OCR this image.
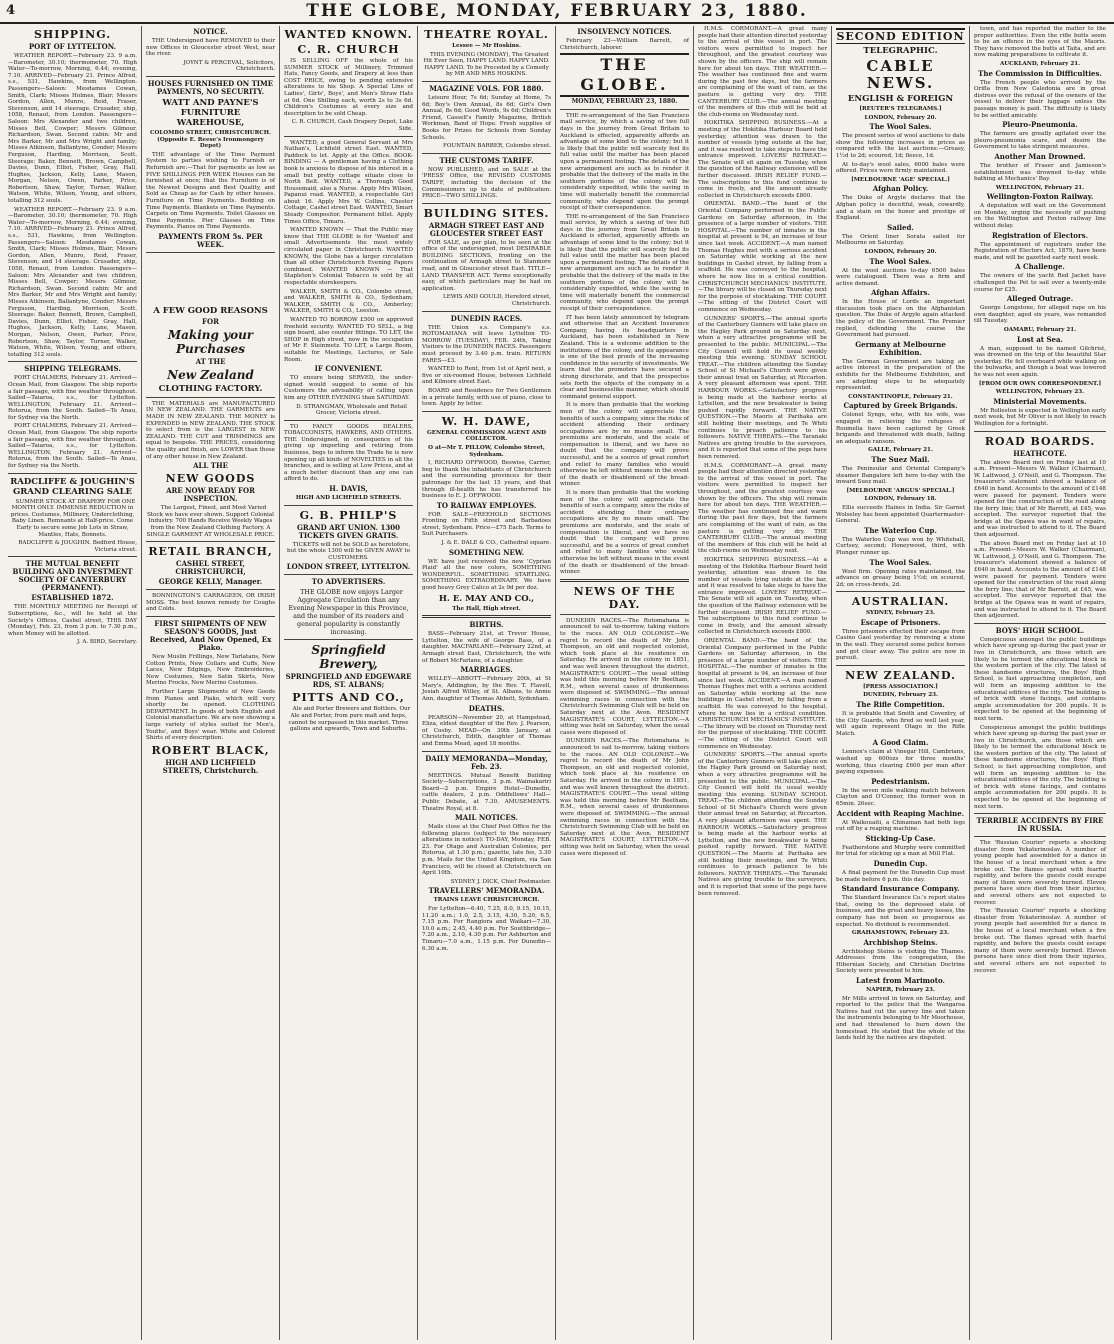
4	THE GLOBE, MONDAY, FEBRUARY 23, 1880.
SHIPPING.
PORT OF LYTTELTON.

WEATHER REPORT.—February 23. 9 a.m.—Barometer, 30.10; thermometer, 70. High Water—To-morrow, Morning, 6.44; evening, 7.10. ARRIVED—February 21. Prince Alfred, s.s., 531, Hawkins, from Wellington. Passengers—Saloon: Mesdames Cowan, Smith, Clark; Misses Holmes, Blair; Messrs Gordon, Allen, Munro, Reid, Fraser, Stevenson, and 14 steerage. Crusader, ship, 1058, Renaut, from London. Passengers—Saloon: Mrs Alexander and two children, Misses Bell, Cowper; Messrs Gilmour, Richardson, Swan. Second cabin: Mr and Mrs Barker, Mr and Mrs Wright and family; Misses Atkinson, Ballantyne, Conder; Messrs Ferguson, Harding, Morrison, Scott. Steerage: Baker, Bennett, Brown, Campbell, Davies, Dunn, Elliot, Fisher, Gray, Hall, Hughes, Jackson, Kelly, Lane, Mason, Morgan, Nelson, Owen, Parker, Price, Robertson, Shaw, Taylor, Turner, Walker, Watson, White, Wilson, Young, and others, totalling 312 souls.

WEATHER REPORT.—February 23. 9 a.m.—Barometer, 30.10; thermometer, 70. High Water—To-morrow, Morning, 6.44; evening, 7.10. ARRIVED—February 21. Prince Alfred, s.s., 531, Hawkins, from Wellington. Passengers—Saloon: Mesdames Cowan, Smith, Clark; Misses Holmes, Blair; Messrs Gordon, Allen, Munro, Reid, Fraser, Stevenson, and 14 steerage. Crusader, ship, 1058, Renaut, from London. Passengers—Saloon: Mrs Alexander and two children, Misses Bell, Cowper; Messrs Gilmour, Richardson, Swan. Second cabin: Mr and Mrs Barker, Mr and Mrs Wright and family; Misses Atkinson, Ballantyne, Conder; Messrs Ferguson, Harding, Morrison, Scott. Steerage: Baker, Bennett, Brown, Campbell, Davies, Dunn, Elliot, Fisher, Gray, Hall, Hughes, Jackson, Kelly, Lane, Mason, Morgan, Nelson, Owen, Parker, Price, Robertson, Shaw, Taylor, Turner, Walker, Watson, White, Wilson, Young, and others, totalling 312 souls.

SHIPPING TELEGRAMS.

PORT CHALMERS, February 21. Arrived—Ocean Mail, from Glasgow. The ship reports a fair passage, with fine weather throughout. Sailed—Taiaroa, s.s., for Lyttelton. WELLINGTON, February 21. Arrived—Rotorua, from the South. Sailed—Te Anau, for Sydney via the North.

PORT CHALMERS, February 21. Arrived—Ocean Mail, from Glasgow. The ship reports a fair passage, with fine weather throughout. Sailed—Taiaroa, s.s., for Lyttelton. WELLINGTON, February 21. Arrived—Rotorua, from the South. Sailed—Te Anau, for Sydney via the North.

RADCLIFFE & JOUGHIN'S GRAND CLEARING SALE

SUMMER STOCK AT DRAPERY FOR ONE MONTH ONLY. IMMENSE REDUCTION in prices. Costumes, Millinery, Underclothing, Baby Linen. Remnants at Half-price. Come Early to secure some Job Lots in Straw, Mantles, Hats, Bonnets.

RADCLIFFE & JOUGHIN. Bedford House, Victoria street.

THE MUTUAL BENEFIT BUILDING AND INVESTMENT SOCIETY OF CANTERBURY (PERMANENT).
ESTABLISHED 1872.

THE MONTHLY MEETING for Receipt of Subscriptions, &c., will be held at the Society's Offices, Cashel street, THIS DAY (Monday), Feb. 23, from 3 p.m. to 7.30 p.m., when Money will be allotted.

J. A. BIRD, Secretary.

NOTICE.

THE Undersigned have REMOVED to their new Offices in Gloucester street West, near the river.

JOYNT & PERCEVAL, Solicitors, Christchurch.

HOUSES FURNISHED ON TIME PAYMENTS, NO SECURITY.
WATT AND PAYNE'S FURNITURE WAREHOUSE,
COLOMBO STREET, CHRISTCHURCH. (Opposite E. Reese's Ironmongery Depot)

THE advantage of the Time Payment System to parties wishing to Furnish or Refurnish are:—That for payments as low as FIVE SHILLINGS PER WEEK Houses can be furnished at once; that the Furniture is of the Newest Designs and Best Quality, and Sold as Cheap as for Cash by other houses. Furniture on Time Payments. Bedding on Time Payments. Blankets on Time Payments. Carpets on Time Payments. Toilet Glasses on Time Payments. Pier Glasses on Time Payments. Pianos on Time Payments.

PAYMENTS FROM 5s. PER WEEK.
A FEW GOOD REASONS
FOR
Making your Purchases
AT THE
New Zealand
CLOTHING FACTORY.

THE MATERIALS are MANUFACTURED IN NEW ZEALAND. THE GARMENTS are MADE IN NEW ZEALAND. THE MONEY is EXPENDED in NEW ZEALAND. THE STOCK to select from is the LARGEST in NEW ZEALAND. THE CUT and TRIMMINGS are equal to bespoke. THE PRICES, considering the quality and finish, are LOWER than those of any other house in New Zealand.

ALL THE
NEW GOODS
ARE NOW READY FOR INSPECTION.

The Largest, Finest, and Most Varied Stock we have ever shown. Support Colonial Industry. 700 Hands Receive Weekly Wages from the New Zealand Clothing Factory. A SINGLE GARMENT AT WHOLESALE PRICE.

RETAIL BRANCH,
CASHEL STREET, CHRISTCHURCH,
GEORGE KELLY, Manager.

BONNINGTON'S CARRAGEEN, OR IRISH MOSS. The best known remedy for Coughs and Colds.

FIRST SHIPMENTS OF NEW SEASON'S GOODS, Just Received, And Now Opened, Ex Piako.

New Muslin Frillings, New Tarlatans, New Cotton Prints, New Collars and Cuffs, New Laces, New Edgings, New Embroideries, New Costumes, New Satin Skirts, New Merino Frocks, New Merino Costumes.

Further Large Shipments of New Goods from Pianos and Piako, which will very shortly be opened. CLOTHING DEPARTMENT. In goods of both English and Colonial manufacture. We are now showing a large variety of styles suited for Men's, Youths', and Boys' wear. White and Colored Shirts of every description.

ROBERT BLACK,
HIGH AND LICHFIELD STREETS, Christchurch.
WANTED KNOWN.
C. R. CHURCH

IS SELLING OFF the whole of his SUMMER STOCK of Millinery, Trimmed Hats, Fancy Goods, and Drapery at less than COST PRICE, owing to pending extensive alterations to his Shop. A Special Line of Ladies', Girls', Boys', and Men's Straw Hats at 6d. One Shilling each, worth 2s to 3s 6d. Children's Costumes at every size and description to be sold Cheap.

C. R. CHURCH, Cash Drapery Depot, Lake Side.

WANTED, a good General Servant at Mrs Nathan's, Lichfield street East. WANTED, Paddock to let. Apply at the Office. BOOK-BINDING — A gentleman having a Clothing book is anxious to dispose of his interest in a small but pretty cottage situate close to North Belt. WANTED, a Thorough Good Housemaid, also a Nurse. Apply Mrs Wilson, Papanui road. WANTED, a respectable Girl about 16. Apply Mrs W. Collins, Chester Cottage, Cashel street East. WANTED, Smart Steady Compositor. Permanent billet. Apply Times Office, Timaru.

WANTED KNOWN — That the Public may know that THE GLOBE is for 'Wanted' and small Advertisements the most widely circulated paper in Christchurch. WANTED KNOWN, the Globe has a larger circulation than all other Christchurch Evening Papers combined. WANTED KNOWN — That Stapleton's Colonial Tobacco is sold by all respectable storekeepers.

WALKER, SMITH & CO., Colombo street, and WALKER, SMITH & CO., Sydenham; WALKER, SMITH & CO., Amberley; WALKER, SMITH & CO., Leeston.

WANTED TO BORROW £500 on approved freehold security. WANTED TO SELL, a big sign board, also counter fittings. TO LET, the SHOP in High street, now in the occupation of Mr F. Steinmetz. TO LET, a Large Room, suitable for Meetings, Lectures, or Sale Room.

IF CONVENIENT.

TO ensure being SERVED, the under-signed would suggest to some of his Customers the advisability of calling upon him any OTHER EVENING than SATURDAY.

D. STRANGMAN, Wholesale and Retail Grocer, Victoria street.

TO FANCY GOODS DEALERS, TOBACCONISTS, HAWKERS, AND OTHERS. THE Undersigned, in consequence of his giving up importing and retiring from business, begs to inform the Trade he is now opening up all kinds of NOVELTIES in all the branches, and is selling at Low Prices, and at a much better discount than any one can afford to do.

H. DAVIS,
HIGH AND LICHFIELD STREETS.
G. B. PHILP'S
GRAND ART UNION. 1300 TICKETS GIVEN GRATIS.

TICKETS will not be SOLD as heretofore, but the whole 1300 will be GIVEN AWAY to CUSTOMERS.

LONDON STREET, LYTTELTON.
TO ADVERTISERS.

THE GLOBE now enjoys Larger Aggregate Circulation than any Evening Newspaper in this Province, and the number of its readers and general popularity is constantly increasing.

Springfield Brewery,
SPRINGFIELD AND EDGEWARE RDS, ST. ALBANS;
PITTS AND CO.,

Ale and Porter Brewers and Bottlers. Our Ale and Porter, from pure malt and hops, cannot be surpassed in this market. Three gallons and upwards, Town and Suburbs.

THEATRE ROYAL.
Lessee — Mr Hoskins.

THIS EVENING (MONDAY), The Greatest Hit Ever Seen, HAPPY LAND. HAPPY LAND. HAPPY LAND. To be Preceded by a Comedy by MR AND MRS HOSKINS.

MAGAZINE VOLS. FOR 1880.

Leisure Hour, 7s 6d; Sunday at Home, 7s 6d; Boy's Own Annual, 8s 6d; Girl's Own Annual, 8s 6d; Good Words, 9s 6d; Children's Friend, Cassell's Family Magazine, British Workman, Band of Hope. Fresh supplies of Books for Prizes for Schools from Sunday Schools.

FOUNTAIN BARBER, Colombo street.

THE CUSTOMS TARIFF.

NOW PUBLISHED, and on SALE at the 'PRESS' Office, the REVISED CUSTOMS TARIFF, including the decision of the Commissioners up to date of publication. PRICE—TWO SHILLINGS.

BUILDING SITES.
ARMAGH STREET EAST AND GLOUCESTER STREET EAST

FOR SALE, as per plan, to be seen at the office of the undersigned, most DESIRABLE BUILDING SECTIONS, fronting on the continuation of Armagh street to Stanmore road, and in Gloucester street East. TITLE—LAND TRANSFER ACT. Terms exceptionally easy, of which particulars may be had on application.

LEWIS AND GOULD, Hereford street, Christchurch.

DUNEDIN RACES.

THE Union s.s. Company's s.s. ROTOMAHANA will leave Lyttelton TO-MORROW (TUESDAY), FEB. 24th, Taking Visitors to the DUNEDIN RACES. Passengers must proceed by 3.40 p.m. train. RETURN FARES—£3.

WANTED to Rent, from 1st of April next, a five or six-roomed House, between Lichfield and Kilmore street East.

BOARD and Residence for Two Gentlemen in a private family, with use of piano, close to town. Apply by letter.

W. H. DAWE,
GENERAL COMMISSION AGENT AND COLLECTOR.
O at—Mr T. PILLOW, Colombo Street, Sydenham.

I, RICHARD OFFWOOD, Beswise, Carrier, beg to thank the inhabitants of Christchurch and the surrounding provinces for their patronage for the last 15 years, and that through ill-health he has transferred his business to E. J. OFFWOOD.

TO RAILWAY EMPLOYES.

FOR SALE—FREEHOLD SECTIONS Fronting on Fifth street and Barbadoes street, Sydenham. Price—£75 Each. Terms to Suit Purchasers.

J. & E. DALE & CO., Cathedral square.

SOMETHING NEW.

WE have just received the new 'Cyprian Plaid' all the new colors, SOMETHING WONDERFUL. SOMETHING STARTLING. SOMETHING EXTRAORDINARY. We have good heavy Grey Calico at 2s 9d per doz.

H. E. MAY AND CO.,
The Hall, High street.
BIRTHS.

BASS—February 21st, at Trevor House, Lyttelton, the wife of George Bass, of a daughter. MACFARLANE—February 22nd, at Armagh street East, Christchurch, the wife of Robert McFarlane, of a daughter.

MARRIAGES.

WILLEY—ABBOTT—February 20th, at St Mary's, Addington, by the Rev. T. Flavell, Josiah Alfred Willey, of St. Albans, to Annie Ann, daughter of Thomas Abbott, Sydenham.

DEATHS.

PEARSON—November 20, at Hampstead, Eliza, eldest daughter of the Rev. J. Pearson, of Cosby. MEAD—On 30th January, at Christchurch, Edith, daughter of Thomas and Emma Mead, aged 18 months.

DAILY MEMORANDA—Monday, Feb. 23.

MEETINGS. Mutual Benefit Building Society—Subscriptions, 3 p.m. Waimakariri Board—2 p.m. Empire Hotel—Dunedin, cattle dealers, 2 p.m. Oddfellows' Hall—Public Debate, at 7.30. AMUSEMENTS. Theatre Royal, at 8.

MAIL NOTICES.

Mails close at the Chief Post Office for the following places (subject to the necessary alterations in notice): TO-DAY, Monday, FEB. 23. For Otago and Australian Colonies, per Rotorua, at 1.30 p.m.; gazette, late fee, 3.30 p.m. Mails for the United Kingdom, via San Francisco, will be closed at Christchurch on April 10th.

SYDNEY J. DICK, Chief Postmaster.

TRAVELLERS' MEMORANDA.
TRAINS LEAVE CHRISTCHURCH.

For Lyttelton—6.40, 7.25, 8.0, 9.15, 10.15, 11.20 a.m.; 1.0, 2.5, 3.15, 4.30, 5.20, 6.5, 7.15 p.m. For Rangiora and Waikari—7.30, 10.0 a.m.; 2.45, 4.40 p.m. For Southbridge—7.20 a.m., 2.10, 4.30 p.m. For Ashburton and Timaru—7.0 a.m., 1.15 p.m. For Dunedin—6.30 a.m.

INSOLVENCY NOTICES.

February 23—William Barrett, of Christchurch, laborer.

THE GLOBE.
MONDAY, FEBRUARY 23, 1880.

THE re-arrangement of the San Francisco mail service, by which a saving of two full days in the journey from Great Britain to Auckland is effected, apparently affords an advantage of some kind to the colony; but it is likely that the public will scarcely feel its full value until the matter has been placed upon a permanent footing. The details of the new arrangement are such as to render it probable that the delivery of the mails in the southern portions of the colony will be considerably expedited, while the saving in time will materially benefit the commercial community, who depend upon the prompt receipt of their correspondence.

THE re-arrangement of the San Francisco mail service, by which a saving of two full days in the journey from Great Britain to Auckland is effected, apparently affords an advantage of some kind to the colony; but it is likely that the public will scarcely feel its full value until the matter has been placed upon a permanent footing. The details of the new arrangement are such as to render it probable that the delivery of the mails in the southern portions of the colony will be considerably expedited, while the saving in time will materially benefit the commercial community, who depend upon the prompt receipt of their correspondence.

IT has been lately announced by telegram and otherwise that an Accident Insurance Company, having its headquarters in Auckland, has been established in New Zealand. This is a welcome addition to the institutions of the colony, and its appearance is one of the best proofs of the increasing confidence in the security of investments. We learn that the promoters have secured a strong directorate, and that the prospectus sets forth the objects of the company in a clear and businesslike manner, which should command general support.

It is more than probable that the working men of the colony will appreciate the benefits of such a company, since the risks of accident attending their ordinary occupations are by no means small. The premiums are moderate, and the scale of compensation is liberal, and we have no doubt that the company will prove successful, and be a source of great comfort and relief to many families who would otherwise be left without means in the event of the death or disablement of the bread-winner.

It is more than probable that the working men of the colony will appreciate the benefits of such a company, since the risks of accident attending their ordinary occupations are by no means small. The premiums are moderate, and the scale of compensation is liberal, and we have no doubt that the company will prove successful, and be a source of great comfort and relief to many families who would otherwise be left without means in the event of the death or disablement of the bread-winner.

NEWS OF THE DAY.

DUNEDIN RACES.—The Rotomahana is announced to sail to-morrow, taking visitors to the races. AN OLD COLONIST.—We regret to record the death of Mr John Thompson, an old and respected colonist, which took place at his residence on Saturday. He arrived in the colony in 1851, and was well known throughout the district. MAGISTRATE'S COURT.—The usual sitting was held this morning before Mr Beetham, R.M., when several cases of drunkenness were disposed of. SWIMMING.—The annual swimming races in connection with the Christchurch Swimming Club will be held on Saturday next at the Avon. RESIDENT MAGISTRATE'S COURT, LYTTELTON.—A sitting was held on Saturday, when the usual cases were disposed of.

DUNEDIN RACES.—The Rotomahana is announced to sail to-morrow, taking visitors to the races. AN OLD COLONIST.—We regret to record the death of Mr John Thompson, an old and respected colonist, which took place at his residence on Saturday. He arrived in the colony in 1851, and was well known throughout the district. MAGISTRATE'S COURT.—The usual sitting was held this morning before Mr Beetham, R.M., when several cases of drunkenness were disposed of. SWIMMING.—The annual swimming races in connection with the Christchurch Swimming Club will be held on Saturday next at the Avon. RESIDENT MAGISTRATE'S COURT, LYTTELTON.—A sitting was held on Saturday, when the usual cases were disposed of.

H.M.S. CORMORANT.—A great many people had their attention directed yesterday to the arrival of this vessel in port. The visitors were permitted to inspect her throughout, and the greatest courtesy was shown by the officers. The ship will remain here for about ten days. THE WEATHER.—The weather has continued fine and warm during the past few days, but the farmers are complaining of the want of rain, as the pasture is getting very dry. THE CANTERBURY CLUB.—The annual meeting of the members of this club will be held at the club-rooms on Wednesday next.

HOKITIKA SHIPPING BUSINESS.—At a meeting of the Hokitika Harbour Board held yesterday, attention was drawn to the number of vessels lying outside at the bar, and it was resolved to take steps to have the entrance improved. LOVERS' RETREAT.—The Senate will sit again on Tuesday, when the question of the Railway extension will be further discussed. IRISH RELIEF FUND.—The subscriptions to this fund continue to come in freely, and the amount already collected in Christchurch exceeds £800.

ORIENTAL BAND.—The band of the Oriental Company performed in the Public Gardens on Saturday afternoon, in the presence of a large number of visitors. THE HOSPITAL.—The number of inmates in the hospital at present is 94, an increase of four since last week. ACCIDENT.—A man named Thomas Hughes met with a serious accident on Saturday while working at the new buildings in Cashel street, by falling from a scaffold. He was conveyed to the hospital, where he now lies in a critical condition. CHRISTCHURCH MECHANICS' INSTITUTE.—The library will be closed on Thursday next for the purpose of stocktaking. THE COURT.—The sitting of the District Court will commence on Wednesday.

GUNNERS' SPORTS.—The annual sports of the Canterbury Gunners will take place on the Hagley Park ground on Saturday next, when a very attractive programme will be presented to the public. MUNICIPAL.—The City Council will hold its usual weekly meeting this evening. SUNDAY SCHOOL TREAT.—The children attending the Sunday School of St Michael's Church were given their annual treat on Saturday, at Riccarton. A very pleasant afternoon was spent. THE HARBOUR WORKS.—Satisfactory progress is being made at the harbour works at Lyttelton, and the new breakwater is being pushed rapidly forward. THE NATIVE QUESTION.—The Maoris at Parihaka are still holding their meetings, and Te Whiti continues to preach patience to his followers. NATIVE THREATS.—The Taranaki Natives are giving trouble to the surveyors, and it is reported that some of the pegs have been removed.

H.M.S. CORMORANT.—A great many people had their attention directed yesterday to the arrival of this vessel in port. The visitors were permitted to inspect her throughout, and the greatest courtesy was shown by the officers. The ship will remain here for about ten days. THE WEATHER.—The weather has continued fine and warm during the past few days, but the farmers are complaining of the want of rain, as the pasture is getting very dry. THE CANTERBURY CLUB.—The annual meeting of the members of this club will be held at the club-rooms on Wednesday next.

HOKITIKA SHIPPING BUSINESS.—At a meeting of the Hokitika Harbour Board held yesterday, attention was drawn to the number of vessels lying outside at the bar, and it was resolved to take steps to have the entrance improved. LOVERS' RETREAT.—The Senate will sit again on Tuesday, when the question of the Railway extension will be further discussed. IRISH RELIEF FUND.—The subscriptions to this fund continue to come in freely, and the amount already collected in Christchurch exceeds £800.

ORIENTAL BAND.—The band of the Oriental Company performed in the Public Gardens on Saturday afternoon, in the presence of a large number of visitors. THE HOSPITAL.—The number of inmates in the hospital at present is 94, an increase of four since last week. ACCIDENT.—A man named Thomas Hughes met with a serious accident on Saturday while working at the new buildings in Cashel street, by falling from a scaffold. He was conveyed to the hospital, where he now lies in a critical condition. CHRISTCHURCH MECHANICS' INSTITUTE.—The library will be closed on Thursday next for the purpose of stocktaking. THE COURT.—The sitting of the District Court will commence on Wednesday.

GUNNERS' SPORTS.—The annual sports of the Canterbury Gunners will take place on the Hagley Park ground on Saturday next, when a very attractive programme will be presented to the public. MUNICIPAL.—The City Council will hold its usual weekly meeting this evening. SUNDAY SCHOOL TREAT.—The children attending the Sunday School of St Michael's Church were given their annual treat on Saturday, at Riccarton. A very pleasant afternoon was spent. THE HARBOUR WORKS.—Satisfactory progress is being made at the harbour works at Lyttelton, and the new breakwater is being pushed rapidly forward. THE NATIVE QUESTION.—The Maoris at Parihaka are still holding their meetings, and Te Whiti continues to preach patience to his followers. NATIVE THREATS.—The Taranaki Natives are giving trouble to the surveyors, and it is reported that some of the pegs have been removed.

SECOND EDITION
TELEGRAPHIC.
CABLE NEWS.
ENGLISH & FOREIGN
[REUTER'S TELEGRAMS.]
LONDON, February 20.
The Wool Sales.

The present series of wool auctions to date show the following increases in prices as compared with the last auctions:—Greasy, 1½d to 2d; scoured, 1d; fleece, 1d.

At to-day's wool sales, 6000 bales were offered. Prices were firmly maintained.

[MELBOURNE 'AGE' SPECIAL.]
Afghan Policy.

The Duke of Argyle declares that the Afghan policy is deceitful, weak, cowardly, and a stain on the honor and prestige of England.

Sailed.

The Orient liner Sorata sailed for Melbourne on Saturday.

LONDON, February 20.
The Wool Sales.

At the wool auctions to-day 6500 bales were catalogued. There was a firm and active demand.

Afghan Affairs.

In the House of Lords an important discussion took place on the Afghanistan question. The Duke of Argyle again attacked the policy of the Government. The Premier replied, defending the course the Government had pursued.

Germany at Melbourne Exhibition.

The German Government are taking an active interest in the preparation of the exhibits for the Melbourne Exhibition, and are adopting steps to be adequately represented.

CONSTANTINOPLE, February 21.
Captured by Greek Brigands.

Colonel Synge, who, with his wife, was engaged in relieving the refugees of Roumelia have been captured by Greek brigands and threatened with death, failing an adequate ransom.

GALLE, February 21.
The Suez Mail.

The Peninsular and Oriental Company's steamer Bangalore left here to-day with the inward Suez mail.

[MELBOURNE 'ARGUS' SPECIAL.]
LONDON, February 18.

Ellis succeeds Haines in India. Sir Garnet Wolseley has been appointed Quartermaster-General.

The Waterloo Cup.

The Waterloo Cup was won by Whitehall, Curtsey, second; Honeywood, third, with Plunger runner up.

The Wool Sales.

Wool firm. Opening rates maintained, the advance on greasy being 1½d; on scoured, 2d; on cross-breds, 2d.

AUSTRALIAN.
SYDNEY, February 23.
Escape of Prisoners.

Three prisoners effected their escape from Casino Gaol yesterday by removing a stone in the wall. They secured some police horses and got clear away. The police are now in pursuit.

NEW ZEALAND.
[PRESS ASSOCIATION.]
DUNEDIN, February 23.
The Rifle Competition.

It is probable that Smith and Coventry, of the City Guards, who fired so well last year, will again represent Otago in the Rifle Match.

A Good Claim.

Lennox's claim at Vinegar Hill, Cambrians, washed up 600ozs for three months' working, thus clearing £600 per man after paying expenses.

Pedestrianism.

In the seven mile walking match between Clayton and O'Connor, the former won in 65min. 26sec.

Accident with Reaping Machine.

At Waikouaiti, a Chinaman had both legs cut off by a reaping machine.

Sticking-Up Case.

Featherstone and Murphy were committed for trial for sticking up a man at Mill Flat.

Dunedin Cup.

A final payment for the Dunedin Cup must be made before 6 p.m. this day.

Standard Insurance Company.

The Standard Insurance Co.'s report states that, owing to the depressed state of business, and the great and heavy losses, the company has not been so prosperous as expected. No dividend is recommended.

GRAHAMSTOWN, February 23.
Archbishop Steins.

Archbishop Steins is visiting the Thames. Addresses from the congregation, the Hibernian Society, and Christian Doctrine Society were presented to him.

Latest from Marimoto.
NAPIER, February 23.

Mr Mills arrived in town on Saturday, and reported to the police that the Wangaroa Natives had cut the survey line and taken the instruments belonging to Mr Moorhouse, and had threatened to burn down the homestead. He stated that the whole of the lands held by the natives are disputed.

town, and has reported the matter to the proper authorities. Even the rifle butts seem to be an offence in the eyes of the Maoris. They have removed the butts at Taita, and are now making preparations to cultivate it.

AUCKLAND, February 21.
The Commission in Difficulties.

The French people who arrived by the Orifla from New Caledonia are in great distress over the refusal of the owners of the vessel to deliver their luggage unless the passage money is paid. The difficulty is likely to be settled amicably.

Pleuro-Pneumonia.

The farmers are greatly agitated over the pleuro-pneumonia scare, and desire the Government to take stringent measures.

Another Man Drowned.

The brother of Fraser and Jamieson's establishment was drowned to-day while bathing at Mechanics' Bay.

WELLINGTON, February 21.
Wellington-Foxton Railway.

A deputation will wait on the Government on Monday, urging the necessity of pushing on the Wellington and Foxton railway line without delay.

Registration of Electors.

The appointment of registrars under the Registration of Electors Act, 1879, have been made, and will be gazetted early next week.

A Challenge.

The owners of the yacht Red Jacket have challenged the Pet to sail over a twenty-mile course for £25.

Alleged Outrage.

George Longstone, for alleged rape on his own daughter, aged six years, was remanded till Tuesday.

OAMARU, February 21.
Lost at Sea.

A man, supposed to be named Gilchrist, was drowned on the trip of the beautiful Star yesterday. He fell overboard while walking on the bulwarks, and though a boat was lowered he was not seen again.

[FROM OUR OWN CORRESPONDENT.]
WELLINGTON, February 23.
Ministerial Movements.

Mr Rolleston is expected in Wellington early next week, but Mr Oliver is not likely to reach Wellington for a fortnight.

ROAD BOARDS.
HEATHCOTE.

The above Board met on Friday last at 10 a.m. Present—Messrs W. Walker (Chairman), W. Lattwood, J. O'Neill, and G. Thompson. The treasurer's statement showed a balance of £640 in hand. Accounts to the amount of £148 were passed for payment. Tenders were opened for the construction of the road along the ferry line; that of Mr Barrett, at £45, was accepted. The surveyor reported that the bridge at the Opawa was in want of repairs, and was instructed to attend to it. The Board then adjourned.

The above Board met on Friday last at 10 a.m. Present—Messrs W. Walker (Chairman), W. Lattwood, J. O'Neill, and G. Thompson. The treasurer's statement showed a balance of £640 in hand. Accounts to the amount of £148 were passed for payment. Tenders were opened for the construction of the road along the ferry line; that of Mr Barrett, at £45, was accepted. The surveyor reported that the bridge at the Opawa was in want of repairs, and was instructed to attend to it. The Board then adjourned.

BOYS' HIGH SCHOOL.

Conspicuous amongst the public buildings which have sprung up during the past year or two in Christchurch, are those which are likely to be termed the educational block in the western portion of the city. The latest of these handsome structures, the Boys' High School, is fast approaching completion, and will form an imposing addition to the educational edifices of the city. The building is of brick with stone facings, and contains ample accommodation for 200 pupils. It is expected to be opened at the beginning of next term.

Conspicuous amongst the public buildings which have sprung up during the past year or two in Christchurch, are those which are likely to be termed the educational block in the western portion of the city. The latest of these handsome structures, the Boys' High School, is fast approaching completion, and will form an imposing addition to the educational edifices of the city. The building is of brick with stone facings, and contains ample accommodation for 200 pupils. It is expected to be opened at the beginning of next term.

TERRIBLE ACCIDENTS BY FIRE IN RUSSIA.

The 'Russian Courier' reports a shocking disaster from Yekaterinoslav. A number of young people had assembled for a dance in the house of a local merchant when a fire broke out. The flames spread with fearful rapidity, and before the guests could escape many of them were severely burned. Eleven persons have since died from their injuries, and several others are not expected to recover.

The 'Russian Courier' reports a shocking disaster from Yekaterinoslav. A number of young people had assembled for a dance in the house of a local merchant when a fire broke out. The flames spread with fearful rapidity, and before the guests could escape many of them were severely burned. Eleven persons have since died from their injuries, and several others are not expected to recover.
